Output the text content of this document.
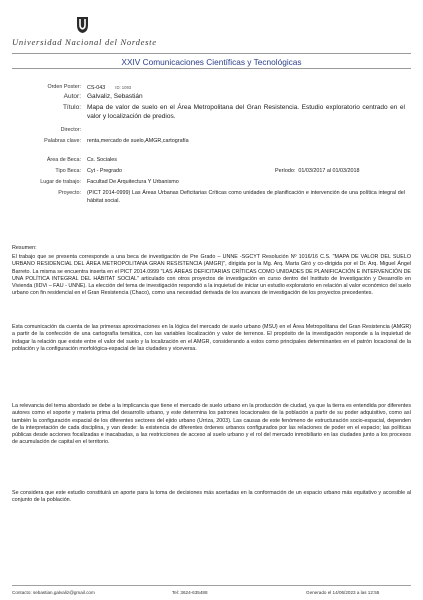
Universidad Nacional del Nordeste
XXIV Comunicaciones Científicas y Tecnológicas
Orden Poster: CS-043 ID: 1093
Autor: Galvaliz, Sebastián
Título: Mapa de valor de suelo en el Área Metropolitana del Gran Resistencia. Estudio exploratorio centrado en el valor y localización de predios.
Director:
Palabras clave: renta,mercado de suelo,AMGR,cartografía
Área de Beca: Cs. Sociales
Tipo Beca: Cyt - Pregrado	Período: 01/03/2017 al 01/03/2018
Lugar de trabajo: Facultad De Arquitectura Y Urbanismo
Proyecto: (PICT 2014-0999) Las Áreas Urbanas Deficitarias Críticas como unidades de planificación e intervención de una política integral del hábitat social.
Resumen:

El trabajo que se presenta corresponde a una beca de investigación de Pre Grado – UNNE -SGCYT Resolución Nº 1016/16 C.S. "MAPA DE VALOR DEL SUELO URBANO RESIDENCIAL DEL ÁREA METROPOLITANA GRAN RESISTENCIA (AMGR)", dirigida por la Mg. Arq. Marta Giró y co-dirigida por el Dr. Arq. Miguel Ángel Barreto. La misma se encuentra inserta en el PICT 2014.0999 "LAS ÁREAS DEFICITARIAS CRÍTICAS COMO UNIDADES DE PLANIFICACIÓN E INTERVENCIÓN DE UNA POLÍTICA INTEGRAL DEL HÁBITAT SOCIAL" articulado con otros proyectos de investigación en curso dentro del Instituto de Investigación y Desarrollo en Vivienda (IIDVi – FAU - UNNE). La elección del tema de investigación respondió a la inquietud de iniciar un estudio exploratorio en relación al valor económico del suelo urbano con fin residencial en el Gran Resistencia (Chaco), como una necesidad derivada de los avances de investigación de los proyectos precedentes.

Esta comunicación da cuenta de las primeras aproximaciones en la lógica del mercado de suelo urbano (MSU) en el Área Metropolitana del Gran Resistencia (AMGR) a partir de la confección de una cartografía temática, con las variables localización y valor de terrenos. El propósito de la investigación responde a la inquietud de indagar la relación que existe entre el valor del suelo y la localización en el AMGR, considerando a estos como principales determinantes en el patrón locacional de la población y la configuración morfológica-espacial de las ciudades y viceversa.

La relevancia del tema abordado se debe a la implicancia que tiene el mercado de suelo urbano en la producción de ciudad, ya que la tierra es entendida por diferentes autores como el soporte y materia prima del desarrollo urbano, y este determina los patrones locacionales de la población a partir de su poder adquisitivo, como así también la configuración espacial de los diferentes sectores del ejido urbano (Urriza, 2003). Las causas de este fenómeno de estructuración socio-espacial, dependen de la interpretación de cada disciplina, y van desde: la existencia de diferentes órdenes urbanos configurados por las relaciones de poder en el espacio; las políticas públicas desde acciones focalizadas e inacabadas, a las restricciones de acceso al suelo urbano y el rol del mercado inmobiliario en las ciudades junto a los procesos de acumulación de capital en el territorio.

Se considera que este estudio constituirá un aporte para la toma de decisiones más acertadas en la conformación de un espacio urbano más equitativo y accesible al conjunto de la población.

Contacto: sebastian.galvaliz@gmail.com	Tel: 3624-635488	Generado el 14/06/2023 a las 12:55
